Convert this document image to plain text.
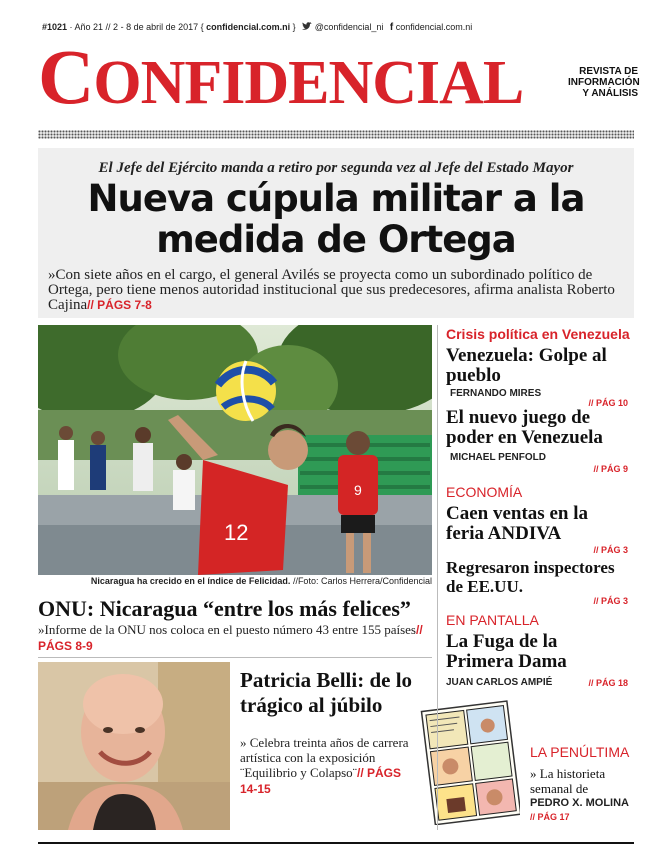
#1021 · Año 21 // 2 - 8 de abril de 2017 { confidencial.com.ni }  @confidencial_ni f confidencial.com.ni
CONFIDENCIAL	REVISTA DE
INFORMACIÓN
Y ANÁLISIS
El Jefe del Ejército manda a retiro por segunda vez al Jefe del Estado Mayor
Nueva cúpula militar a la
medida de Ortega
»Con siete años en el cargo, el general Avilés se proyecta como un subordinado político de Ortega, pero tiene menos autoridad institucional que sus predecesores, afirma analista Roberto Cajina// PÁGS 7-8
9
12
Nicaragua ha crecido en el índice de Felicidad. //Foto: Carlos Herrera/Confidencial
ONU: Nicaragua “entre los más felices”
»Informe de la ONU nos coloca en el puesto número 43 entre 155 países// PÁGS 8-9
Patricia Belli: de lo trágico al júbilo
» Celebra treinta años de carrera artística con la exposición ¨Equilibrio y Colapso¨// PÁGS 14-15
Crisis política en Venezuela
Venezuela: Golpe al pueblo
FERNANDO MIRES
// PÁG 10
El nuevo juego de poder en Venezuela
MICHAEL PENFOLD
// PÁG 9
ECONOMÍA
Caen ventas en la feria ANDIVA
// PÁG 3
Regresaron inspectores de EE.UU.
// PÁG 3
EN PANTALLA
La Fuga de la Primera Dama
JUAN CARLOS AMPIÉ	// PÁG 18
LA PENÚLTIMA
» La historieta semanal de
PEDRO X. MOLINA
// PÁG 17
